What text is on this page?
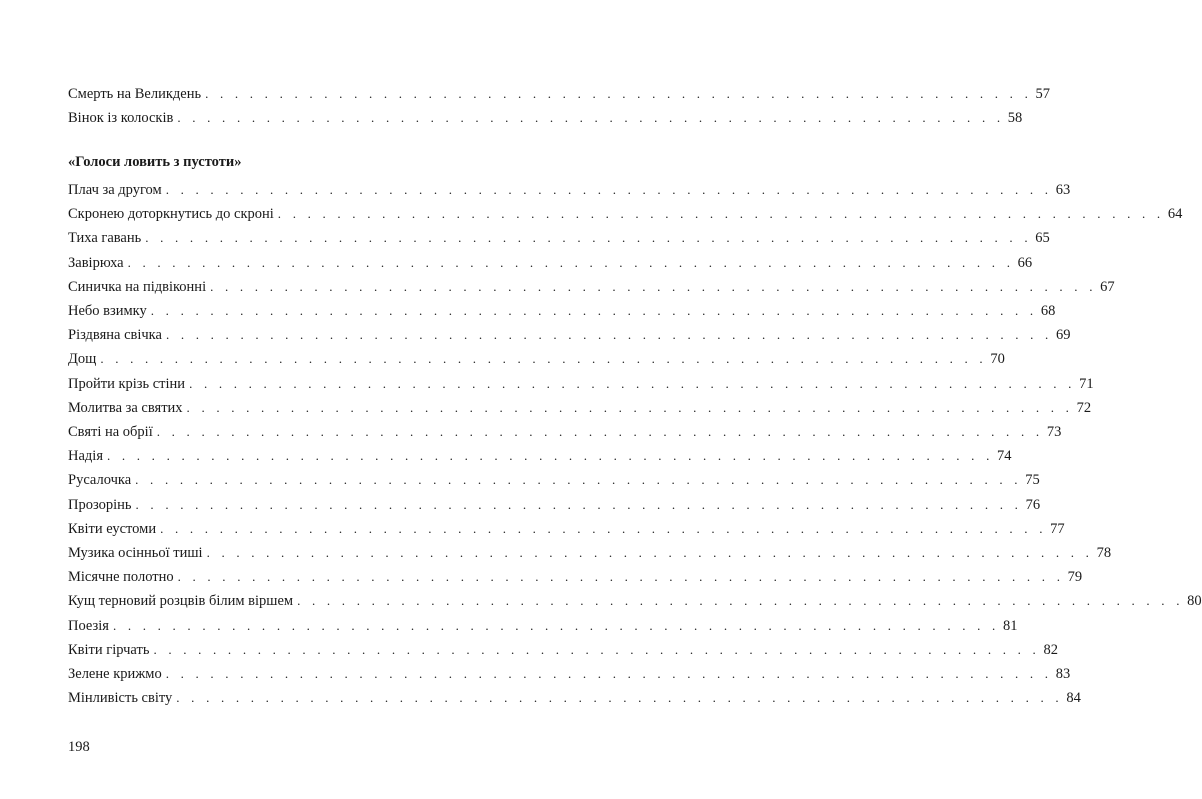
Смерть на Великдень . . . . . . . . . . . . . . . . . . . . . . . . . . . . . . . . . . . . . . . . . . . . . . . . . . . . . . . . 57
Вінок із колосків . . . . . . . . . . . . . . . . . . . . . . . . . . . . . . . . . . . . . . . . . . . . . . . . . . . . . . . . 58
«Голоси ловить з пустоти»
Плач за другом . . . . . . . . . . . . . . . . . . . . . . . . . . . . . . . . . . . . . . . . . . . . . . . . . . . . . . . . . . . . 63
Скронею доторкнутись до скроні . . . . . . . . . . . . . . . . . . . . . . . . . . . . . . . . . . . . . . . . . . . . . . . . . . . . . . . . . . . . 64
Тиха гавань . . . . . . . . . . . . . . . . . . . . . . . . . . . . . . . . . . . . . . . . . . . . . . . . . . . . . . . . . . . . 65
Завірюха . . . . . . . . . . . . . . . . . . . . . . . . . . . . . . . . . . . . . . . . . . . . . . . . . . . . . . . . . . . . 66
Синичка на підвіконні . . . . . . . . . . . . . . . . . . . . . . . . . . . . . . . . . . . . . . . . . . . . . . . . . . . . . . . . . . . . 67
Небо взимку . . . . . . . . . . . . . . . . . . . . . . . . . . . . . . . . . . . . . . . . . . . . . . . . . . . . . . . . . . . . 68
Різдвяна свічка . . . . . . . . . . . . . . . . . . . . . . . . . . . . . . . . . . . . . . . . . . . . . . . . . . . . . . . . . . . . 69
Дощ . . . . . . . . . . . . . . . . . . . . . . . . . . . . . . . . . . . . . . . . . . . . . . . . . . . . . . . . . . . . 70
Пройти крізь стіни . . . . . . . . . . . . . . . . . . . . . . . . . . . . . . . . . . . . . . . . . . . . . . . . . . . . . . . . . . . . 71
Молитва за святих . . . . . . . . . . . . . . . . . . . . . . . . . . . . . . . . . . . . . . . . . . . . . . . . . . . . . . . . . . . . 72
Святі на обрії . . . . . . . . . . . . . . . . . . . . . . . . . . . . . . . . . . . . . . . . . . . . . . . . . . . . . . . . . . . . 73
Надія . . . . . . . . . . . . . . . . . . . . . . . . . . . . . . . . . . . . . . . . . . . . . . . . . . . . . . . . . . . . 74
Русалочка . . . . . . . . . . . . . . . . . . . . . . . . . . . . . . . . . . . . . . . . . . . . . . . . . . . . . . . . . . . . 75
Прозорінь . . . . . . . . . . . . . . . . . . . . . . . . . . . . . . . . . . . . . . . . . . . . . . . . . . . . . . . . . . . . 76
Квіти еустоми . . . . . . . . . . . . . . . . . . . . . . . . . . . . . . . . . . . . . . . . . . . . . . . . . . . . . . . . . . . . 77
Музика осінньої тиші . . . . . . . . . . . . . . . . . . . . . . . . . . . . . . . . . . . . . . . . . . . . . . . . . . . . . . . . . . . . 78
Місячне полотно . . . . . . . . . . . . . . . . . . . . . . . . . . . . . . . . . . . . . . . . . . . . . . . . . . . . . . . . . . . . 79
Кущ терновий розцвів білим віршем . . . . . . . . . . . . . . . . . . . . . . . . . . . . . . . . . . . . . . . . . . . . . . . . . . . . . . . . . . . . 80
Поезія . . . . . . . . . . . . . . . . . . . . . . . . . . . . . . . . . . . . . . . . . . . . . . . . . . . . . . . . . . . . 81
Квіти гірчать . . . . . . . . . . . . . . . . . . . . . . . . . . . . . . . . . . . . . . . . . . . . . . . . . . . . . . . . . . . . 82
Зелене крижмо . . . . . . . . . . . . . . . . . . . . . . . . . . . . . . . . . . . . . . . . . . . . . . . . . . . . . . . . . . . . 83
Мінливість світу . . . . . . . . . . . . . . . . . . . . . . . . . . . . . . . . . . . . . . . . . . . . . . . . . . . . . . . . . . . . 84
198
